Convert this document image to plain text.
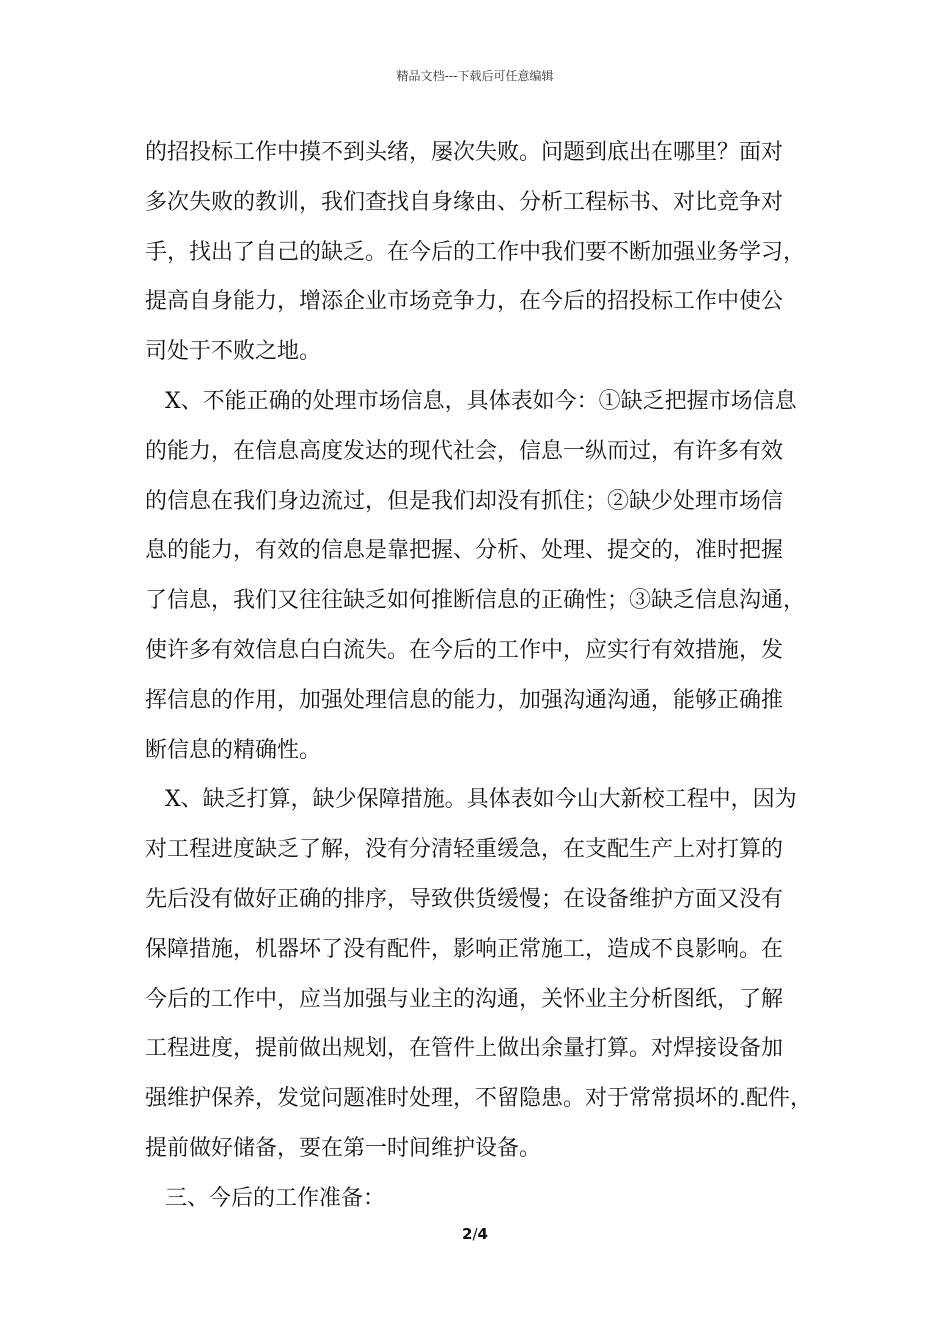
精品文档---下载后可任意编辑
的招投标工作中摸不到头绪，屡次失败。问题到底出在哪里？面对
多次失败的教训，我们查找自身缘由、分析工程标书、对比竞争对
手，找出了自己的缺乏。在今后的工作中我们要不断加强业务学习，
提高自身能力，增添企业市场竞争力，在今后的招投标工作中使公
司处于不败之地。
X、不能正确的处理市场信息，具体表如今：①缺乏把握市场信息
的能力，在信息高度发达的现代社会，信息一纵而过，有许多有效
的信息在我们身边流过，但是我们却没有抓住；②缺少处理市场信
息的能力，有效的信息是靠把握、分析、处理、提交的，准时把握
了信息，我们又往往缺乏如何推断信息的正确性；③缺乏信息沟通，
使许多有效信息白白流失。在今后的工作中，应实行有效措施，发
挥信息的作用，加强处理信息的能力，加强沟通沟通，能够正确推
断信息的精确性。
X、缺乏打算，缺少保障措施。具体表如今山大新校工程中，因为
对工程进度缺乏了解，没有分清轻重缓急，在支配生产上对打算的
先后没有做好正确的排序，导致供货缓慢；在设备维护方面又没有
保障措施，机器坏了没有配件，影响正常施工，造成不良影响。在
今后的工作中，应当加强与业主的沟通，关怀业主分析图纸，了解
工程进度，提前做出规划，在管件上做出余量打算。对焊接设备加
强维护保养，发觉问题准时处理，不留隐患。对于常常损坏的.配件，
提前做好储备，要在第一时间维护设备。
三、今后的工作准备：
2/4
